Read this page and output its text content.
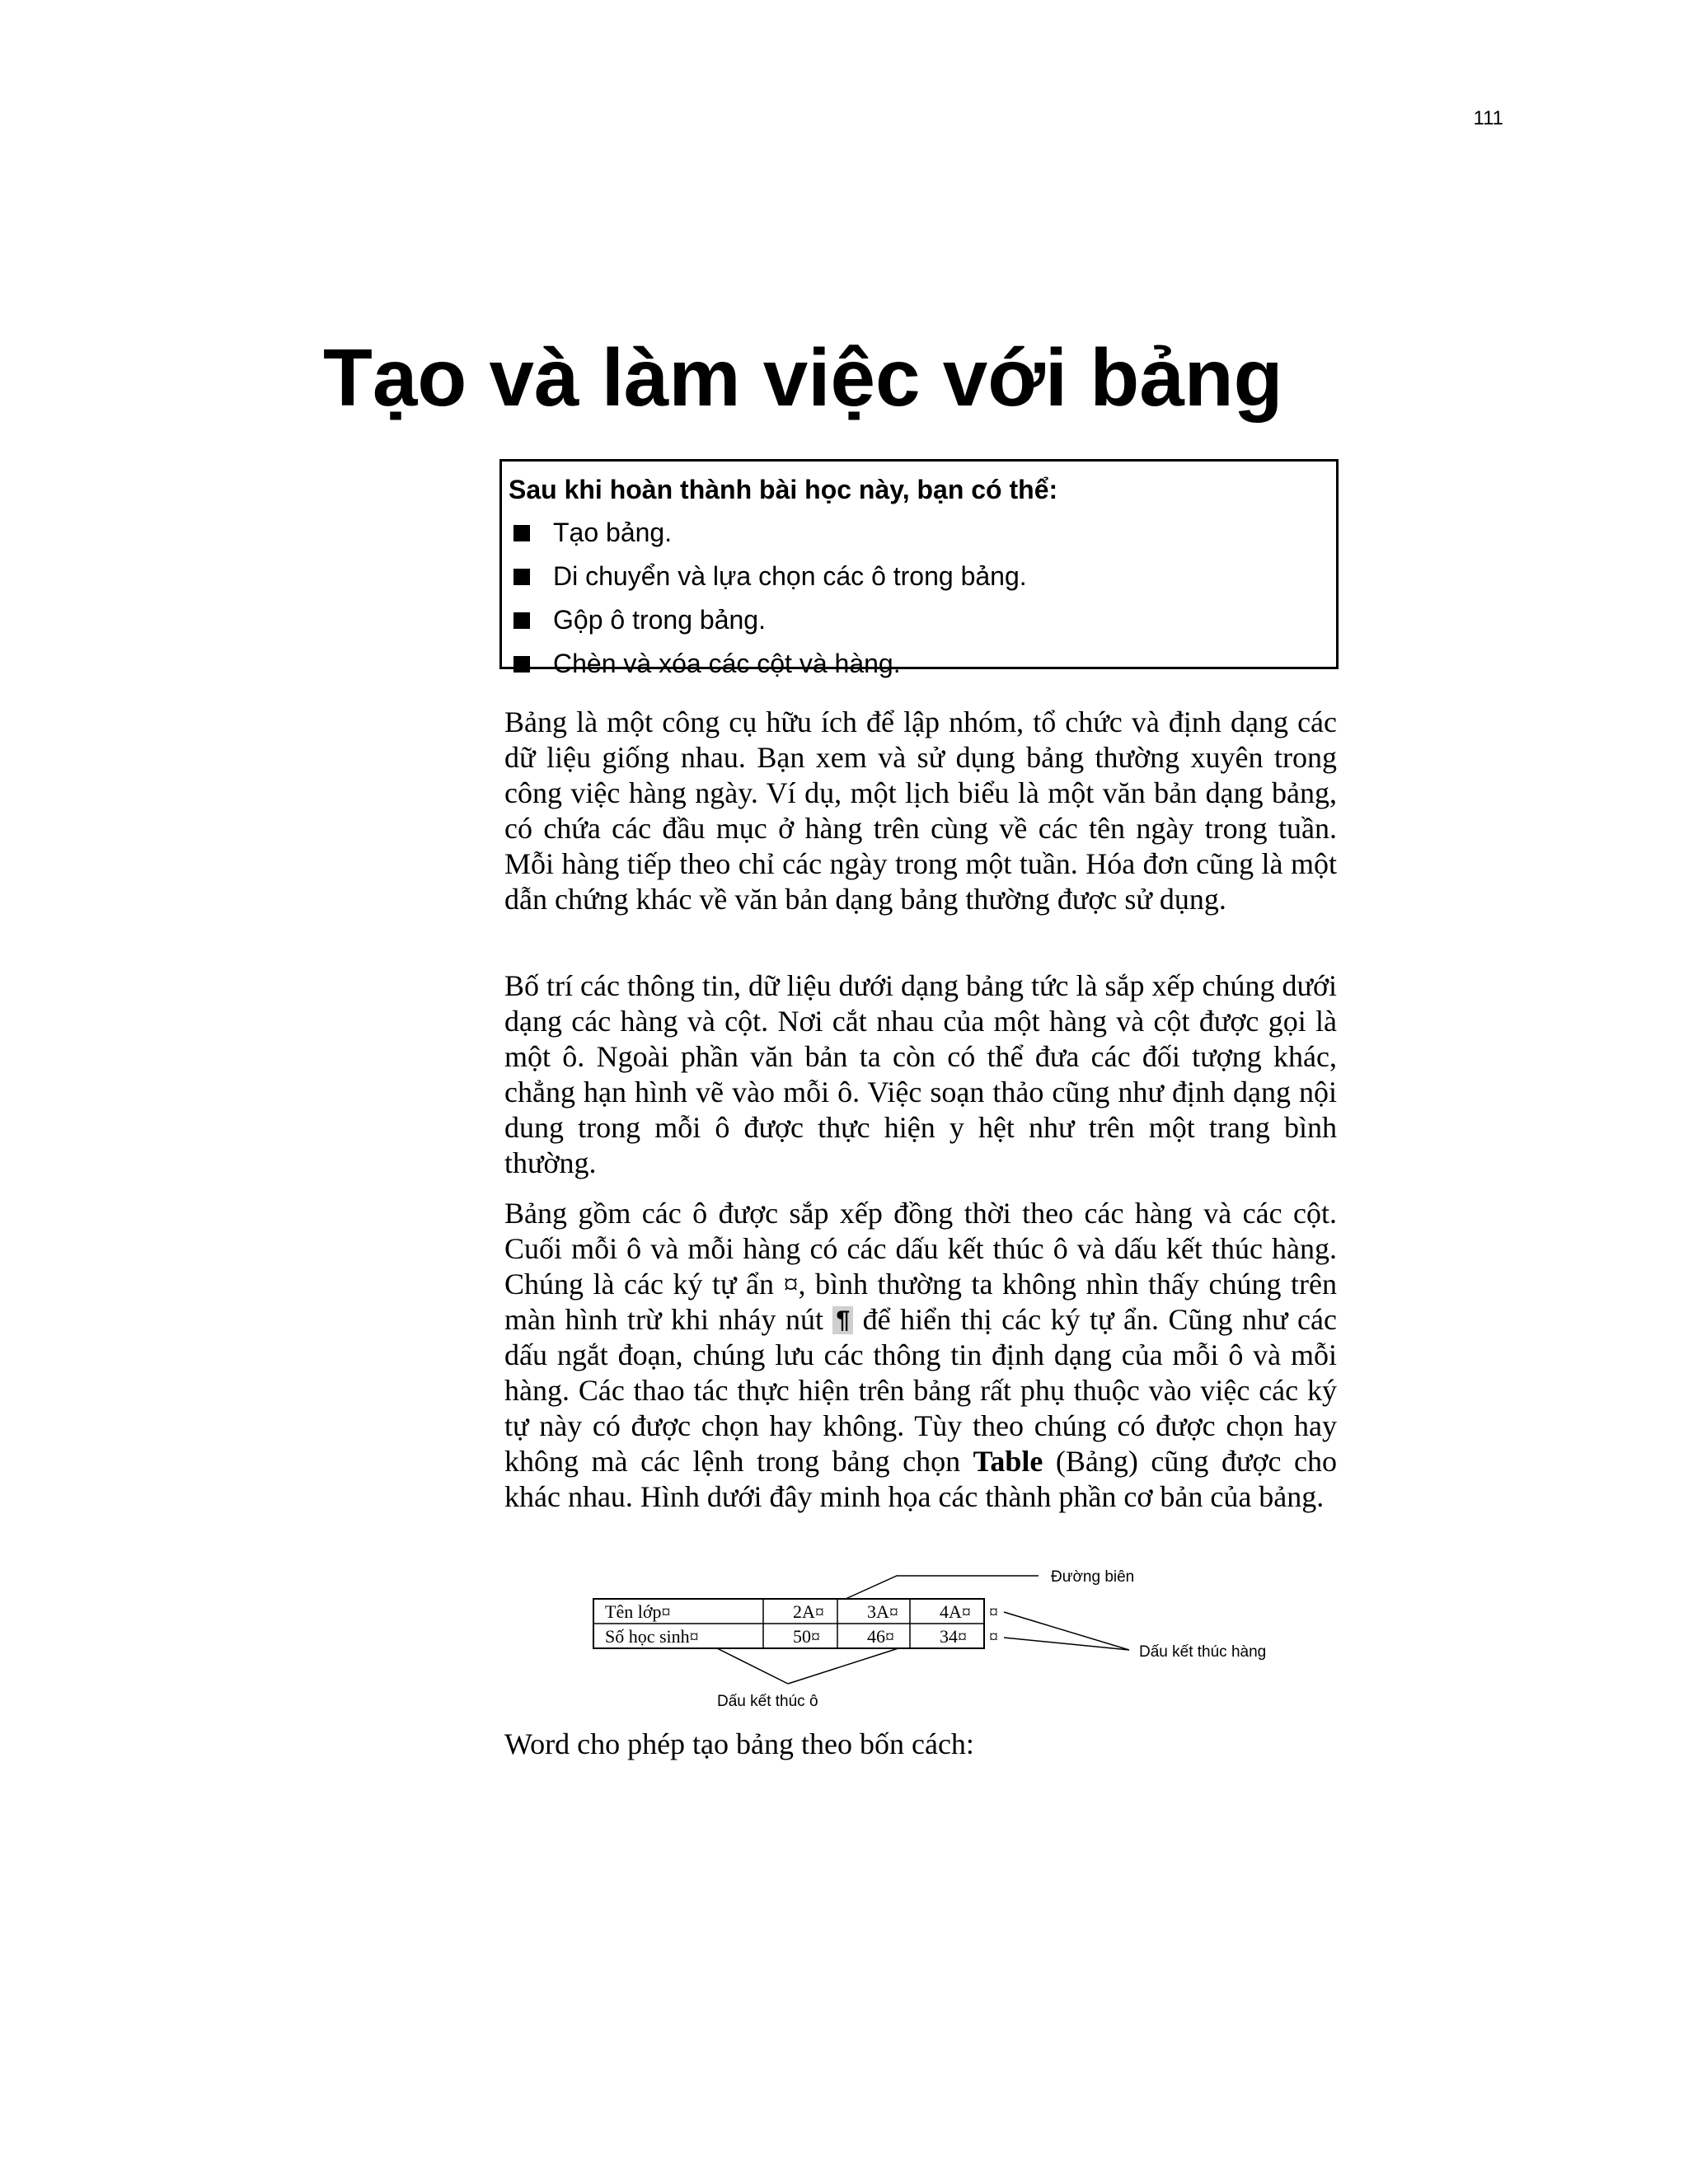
111
Tạo và làm việc với bảng
Sau khi hoàn thành bài học này, bạn có thể:
Tạo bảng.
Di chuyển và lựa chọn các ô trong bảng.
Gộp ô trong bảng.
Chèn và xóa các cột và hàng.

Bảng là một công cụ hữu ích để lập nhóm, tổ chức và định dạng các dữ liệu giống nhau. Bạn xem và sử dụng bảng thường xuyên trong công việc hàng ngày. Ví dụ, một lịch biểu là một văn bản dạng bảng, có chứa các đầu mục ở hàng trên cùng về các tên ngày trong tuần. Mỗi hàng tiếp theo chỉ các ngày trong một tuần. Hóa đơn cũng là một dẫn chứng khác về văn bản dạng bảng thường được sử dụng.

Bố trí các thông tin, dữ liệu dưới dạng bảng tức là sắp xếp chúng dưới dạng các hàng và cột. Nơi cắt nhau của một hàng và cột được gọi là một ô. Ngoài phần văn bản ta còn có thể đưa các đối tượng khác, chẳng hạn hình vẽ vào mỗi ô. Việc soạn thảo cũng như định dạng nội dung trong mỗi ô được thực hiện y hệt như trên một trang bình thường.

Bảng gồm các ô được sắp xếp đồng thời theo các hàng và các cột. Cuối mỗi ô và mỗi hàng có các dấu kết thúc ô và dấu kết thúc hàng. Chúng là các ký tự ẩn ¤, bình thường ta không nhìn thấy chúng trên màn hình trừ khi nháy nút ¶ để hiển thị các ký tự ẩn. Cũng như các dấu ngắt đoạn, chúng lưu các thông tin định dạng của mỗi ô và mỗi hàng. Các thao tác thực hiện trên bảng rất phụ thuộc vào việc các ký tự này có được chọn hay không. Tùy theo chúng có được chọn hay không mà các lệnh trong bảng chọn Table (Bảng) cũng được cho khác nhau. Hình dưới đây minh họa các thành phần cơ bản của bảng.

Tên lớp¤	2A¤ 3A¤ 4A¤ ¤
Số học sinh¤	50¤	46¤	34¤ ¤
Đường biên
Dấu kết thúc hàng
Dấu kết thúc ô

Word cho phép tạo bảng theo bốn cách:
